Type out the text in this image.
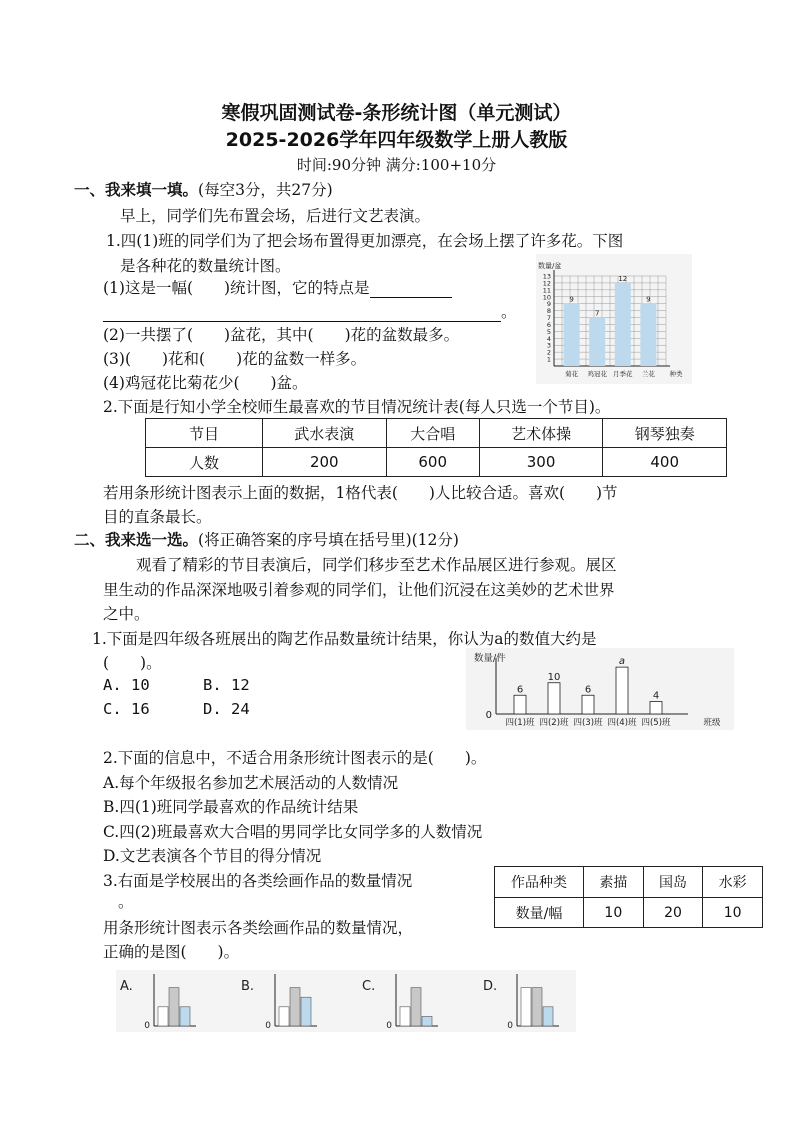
寒假巩固测试卷-条形统计图（单元测试）
2025-2026学年四年级数学上册人教版
时间:90分钟 满分:100+10分
一、我来填一填。(每空3分，共27分)
早上，同学们先布置会场，后进行文艺表演。
1.四(1)班的同学们为了把会场布置得更加漂亮，在会场上摆了许多花。下图
是各种花的数量统计图。
(1)这是一幅(　　)统计图，它的特点是
。
(2)一共摆了(　　)盆花，其中(　　)花的盆数最多。
(3)(　　)花和(　　)花的盆数一样多。
(4)鸡冠花比菊花少(　　)盆。
数量/盆
1
2
3
4
5
6
7
8
9
10
11
12
13
9
菊花
7
鸡冠花
12
月季花
9
兰花 种类
2.下面是行知小学全校师生最喜欢的节目情况统计表(每人只选一个节目)。
节目	武水表演	大合唱	艺术体操	钢琴独奏
人数	200	600	300	400
若用条形统计图表示上面的数据，1格代表(　　)人比较合适。喜欢(　　)节
目的直条最长。
二、我来选一选。(将正确答案的序号填在括号里)(12分)
观看了精彩的节目表演后，同学们移步至艺术作品展区进行参观。展区
里生动的作品深深地吸引着参观的同学们，让他们沉浸在这美妙的艺术世界
之中。
1.下面是四年级各班展出的陶艺作品数量统计结果，你认为a的数值大约是
(　　)。
A. 10	B. 12
C. 16	D. 24
数量/件
0
6
四(1)班
10
四(2)班
6
四(3)班
a
四(4)班
4
四(5)班	班级
2.下面的信息中，不适合用条形统计图表示的是(　　)。
A.每个年级报名参加艺术展活动的人数情况
B.四(1)班同学最喜欢的作品统计结果
C.四(2)班最喜欢大合唱的男同学比女同学多的人数情况
D.文艺表演各个节目的得分情况
3.右面是学校展出的各类绘画作品的数量情况
。
用条形统计图表示各类绘画作品的数量情况，
正确的是图(　　)。
作品种类	素描	国岛	水彩
数量/幅	10	20	10
A.
0
B.
0
C.
0
D.
0
